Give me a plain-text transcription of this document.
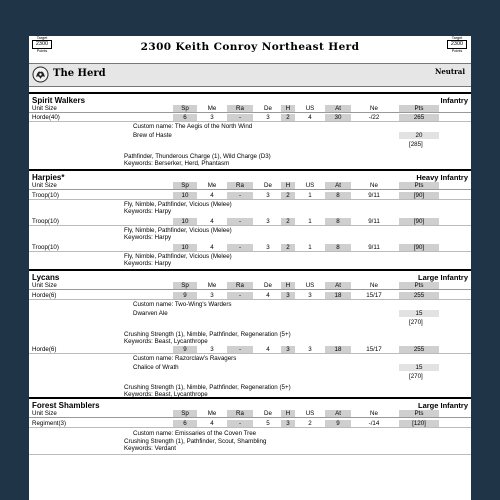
Target
2300
Points
Target
2300
Points
2300 Keith Conroy Northeast Herd
The Herd	Neutral
Spirit Walkers	Infantry
Unit Size	Sp	Me	Ra	De	H	US	At	Ne	Pts
Horde(40)	6	3	-	3	2	4	30	-/22	265
Custom name: The Aegis of the North Wind
Brew of Haste	20
[285]
Pathfinder, Thunderous Charge (1), Wild Charge (D3)
Keywords: Berserker, Herd, Phantasm
Harpies*	Heavy Infantry
Unit Size	Sp	Me	Ra	De	H	US	At	Ne	Pts
Troop(10)	10	4	-	3	2	1	8	9/11	[90]
Fly, Nimble, Pathfinder, Vicious (Melee)
Keywords: Harpy
Troop(10)	10	4	-	3	2	1	8	9/11	[90]
Fly, Nimble, Pathfinder, Vicious (Melee)
Keywords: Harpy
Troop(10)	10	4	-	3	2	1	8	9/11	[90]
Fly, Nimble, Pathfinder, Vicious (Melee)
Keywords: Harpy
Lycans	Large Infantry
Unit Size	Sp	Me	Ra	De	H	US	At	Ne	Pts
Horde(6)	9	3	-	4	3	3	18	15/17	255
Custom name: Two-Wing's Warders
Dwarven Ale	15
[270]
Crushing Strength (1), Nimble, Pathfinder, Regeneration (5+)
Keywords: Beast, Lycanthrope
Horde(6)	9	3	-	4	3	3	18	15/17	255
Custom name: Razorclaw's Ravagers
Chalice of Wrath	15
[270]
Crushing Strength (1), Nimble, Pathfinder, Regeneration (5+)
Keywords: Beast, Lycanthrope
Forest Shamblers	Large Infantry
Unit Size	Sp	Me	Ra	De	H	US	At	Ne	Pts
Regiment(3)	6	4	-	5	3	2	9	-/14	[120]
Custom name: Emissaries of the Coven Tree
Crushing Strength (1), Pathfinder, Scout, Shambling
Keywords: Verdant
